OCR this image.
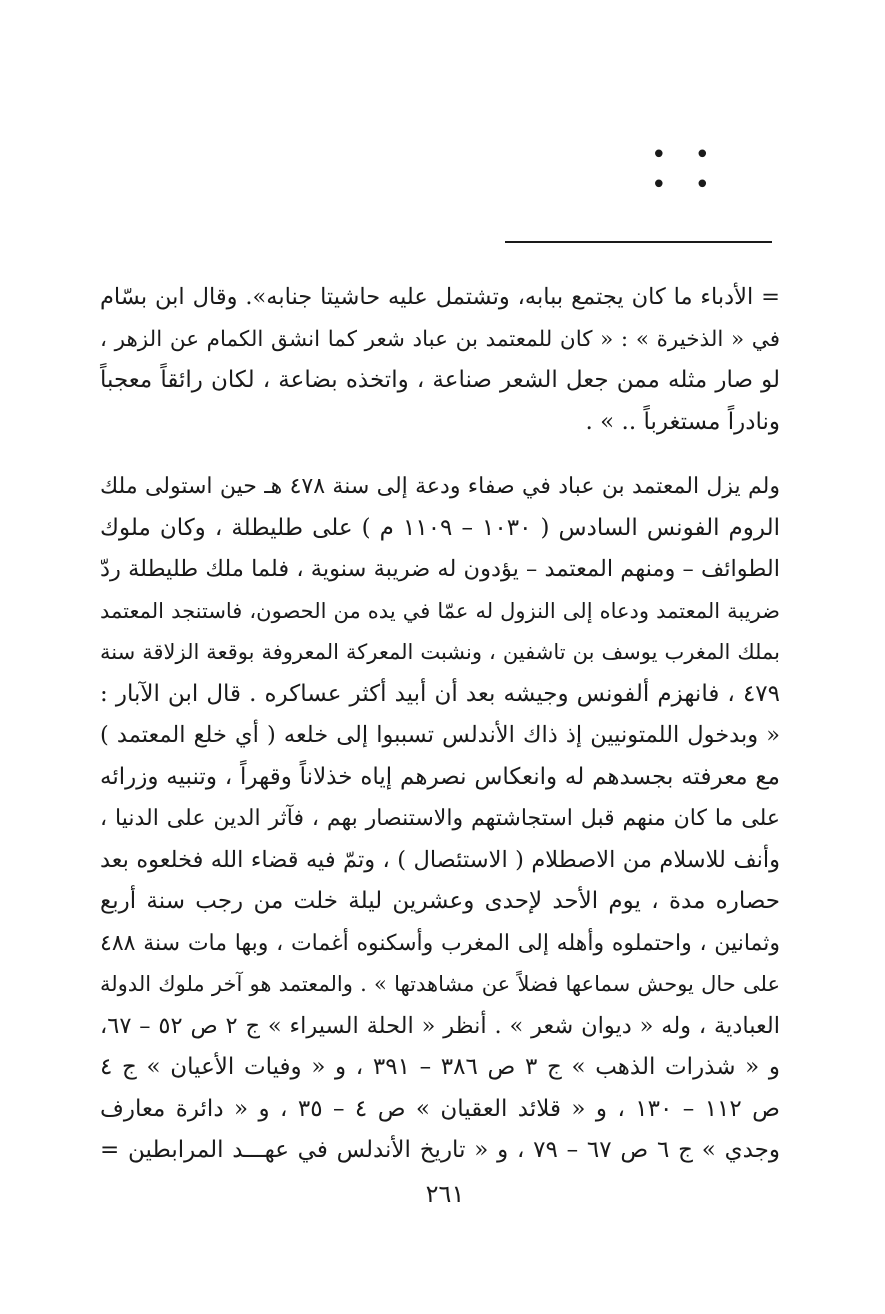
• • • •
= الأدباء ما كان يجتمع ببابه، وتشتمل عليه حاشيتا جنابه». وقال ابن بسّام
في « الذخيرة » : « كان للمعتمد بن عباد شعر كما انشق الكمام عن الزهر ،
لو صار مثله ممن جعل الشعر صناعة ، واتخذه بضاعة ، لكان رائقاً معجباً
ونادراً مستغرباً .. » .
ولم يزل المعتمد بن عباد في صفاء ودعة إلى سنة ٤٧٨ هـ حين استولى ملك
الروم الفونس السادس ( ١٠٣٠ – ١١٠٩ م ) على طليطلة ، وكان ملوك
الطوائف – ومنهم المعتمد – يؤدون له ضريبة سنوية ، فلما ملك طليطلة ردّ
ضريبة المعتمد ودعاه إلى النزول له عمّا في يده من الحصون، فاستنجد المعتمد
بملك المغرب يوسف بن تاشفين ، ونشبت المعركة المعروفة بوقعة الزلاقة سنة
٤٧٩ ، فانهزم ألفونس وجيشه بعد أن أبيد أكثر عساكره . قال ابن الآبار :
« وبدخول اللمتونيين إذ ذاك الأندلس تسببوا إلى خلعه ( أي خلع المعتمد )
مع معرفته بجسدهم له وانعكاس نصرهم إياه خذلاناً وقهراً ، وتنبيه وزرائه
على ما كان منهم قبل استجاشتهم والاستنصار بهم ، فآثر الدين على الدنيا ،
وأنف للاسلام من الاصطلام ( الاستئصال ) ، وتمّ فيه قضاء الله فخلعوه بعد
حصاره مدة ، يوم الأحد لإحدى وعشرين ليلة خلت من رجب سنة أربع
وثمانين ، واحتملوه وأهله إلى المغرب وأسكنوه أغمات ، وبها مات سنة ٤٨٨
على حال يوحش سماعها فضلاً عن مشاهدتها » . والمعتمد هو آخر ملوك الدولة
العبادية ، وله « ديوان شعر » . أنظر « الحلة السيراء » ج ٢ ص ٥٢ – ٦٧،
و « شذرات الذهب » ج ٣ ص ٣٨٦ – ٣٩١ ، و « وفيات الأعيان » ج ٤
ص ١١٢ – ١٣٠ ، و « قلائد العقيان » ص ٤ – ٣٥ ، و « دائرة معارف
وجدي » ج ٦ ص ٦٧ – ٧٩ ، و « تاريخ الأندلس في عهـــد المرابطين =
٢٦١
